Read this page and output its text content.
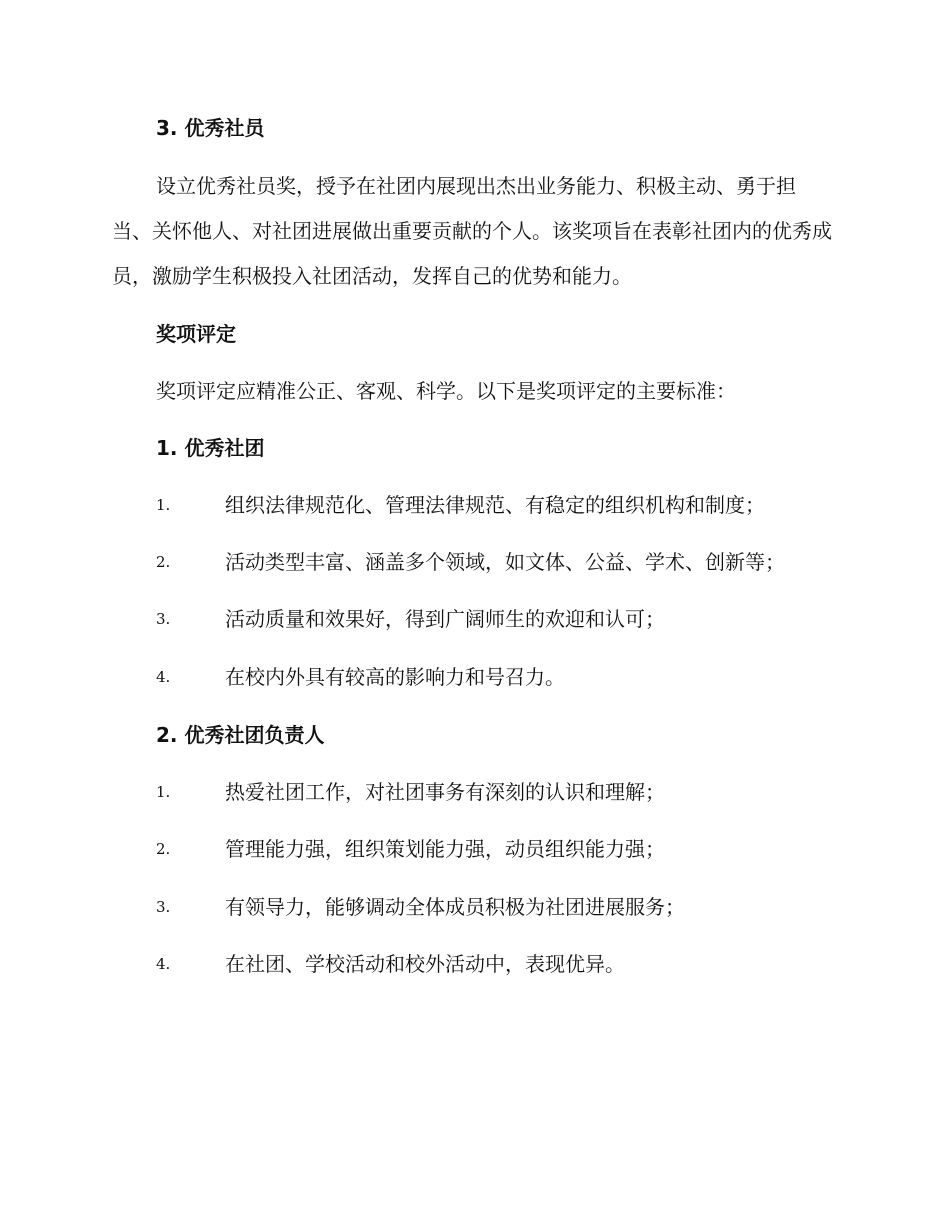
3. 优秀社员

设立优秀社员奖，授予在社团内展现出杰出业务能力、积极主动、勇于担当、关怀他人、对社团进展做出重要贡献的个人。该奖项旨在表彰社团内的优秀成员，激励学生积极投入社团活动，发挥自己的优势和能力。

奖项评定
奖项评定应精准公正、客观、科学。以下是奖项评定的主要标准：
1. 优秀社团
1.	组织法律规范化、管理法律规范、有稳定的组织机构和制度；
2.	活动类型丰富、涵盖多个领域，如文体、公益、学术、创新等；
3.	活动质量和效果好，得到广阔师生的欢迎和认可；
4.	在校内外具有较高的影响力和号召力。
2. 优秀社团负责人
1.	热爱社团工作，对社团事务有深刻的认识和理解；
2.	管理能力强，组织策划能力强，动员组织能力强；
3.	有领导力，能够调动全体成员积极为社团进展服务；
4.	在社团、学校活动和校外活动中，表现优异。
